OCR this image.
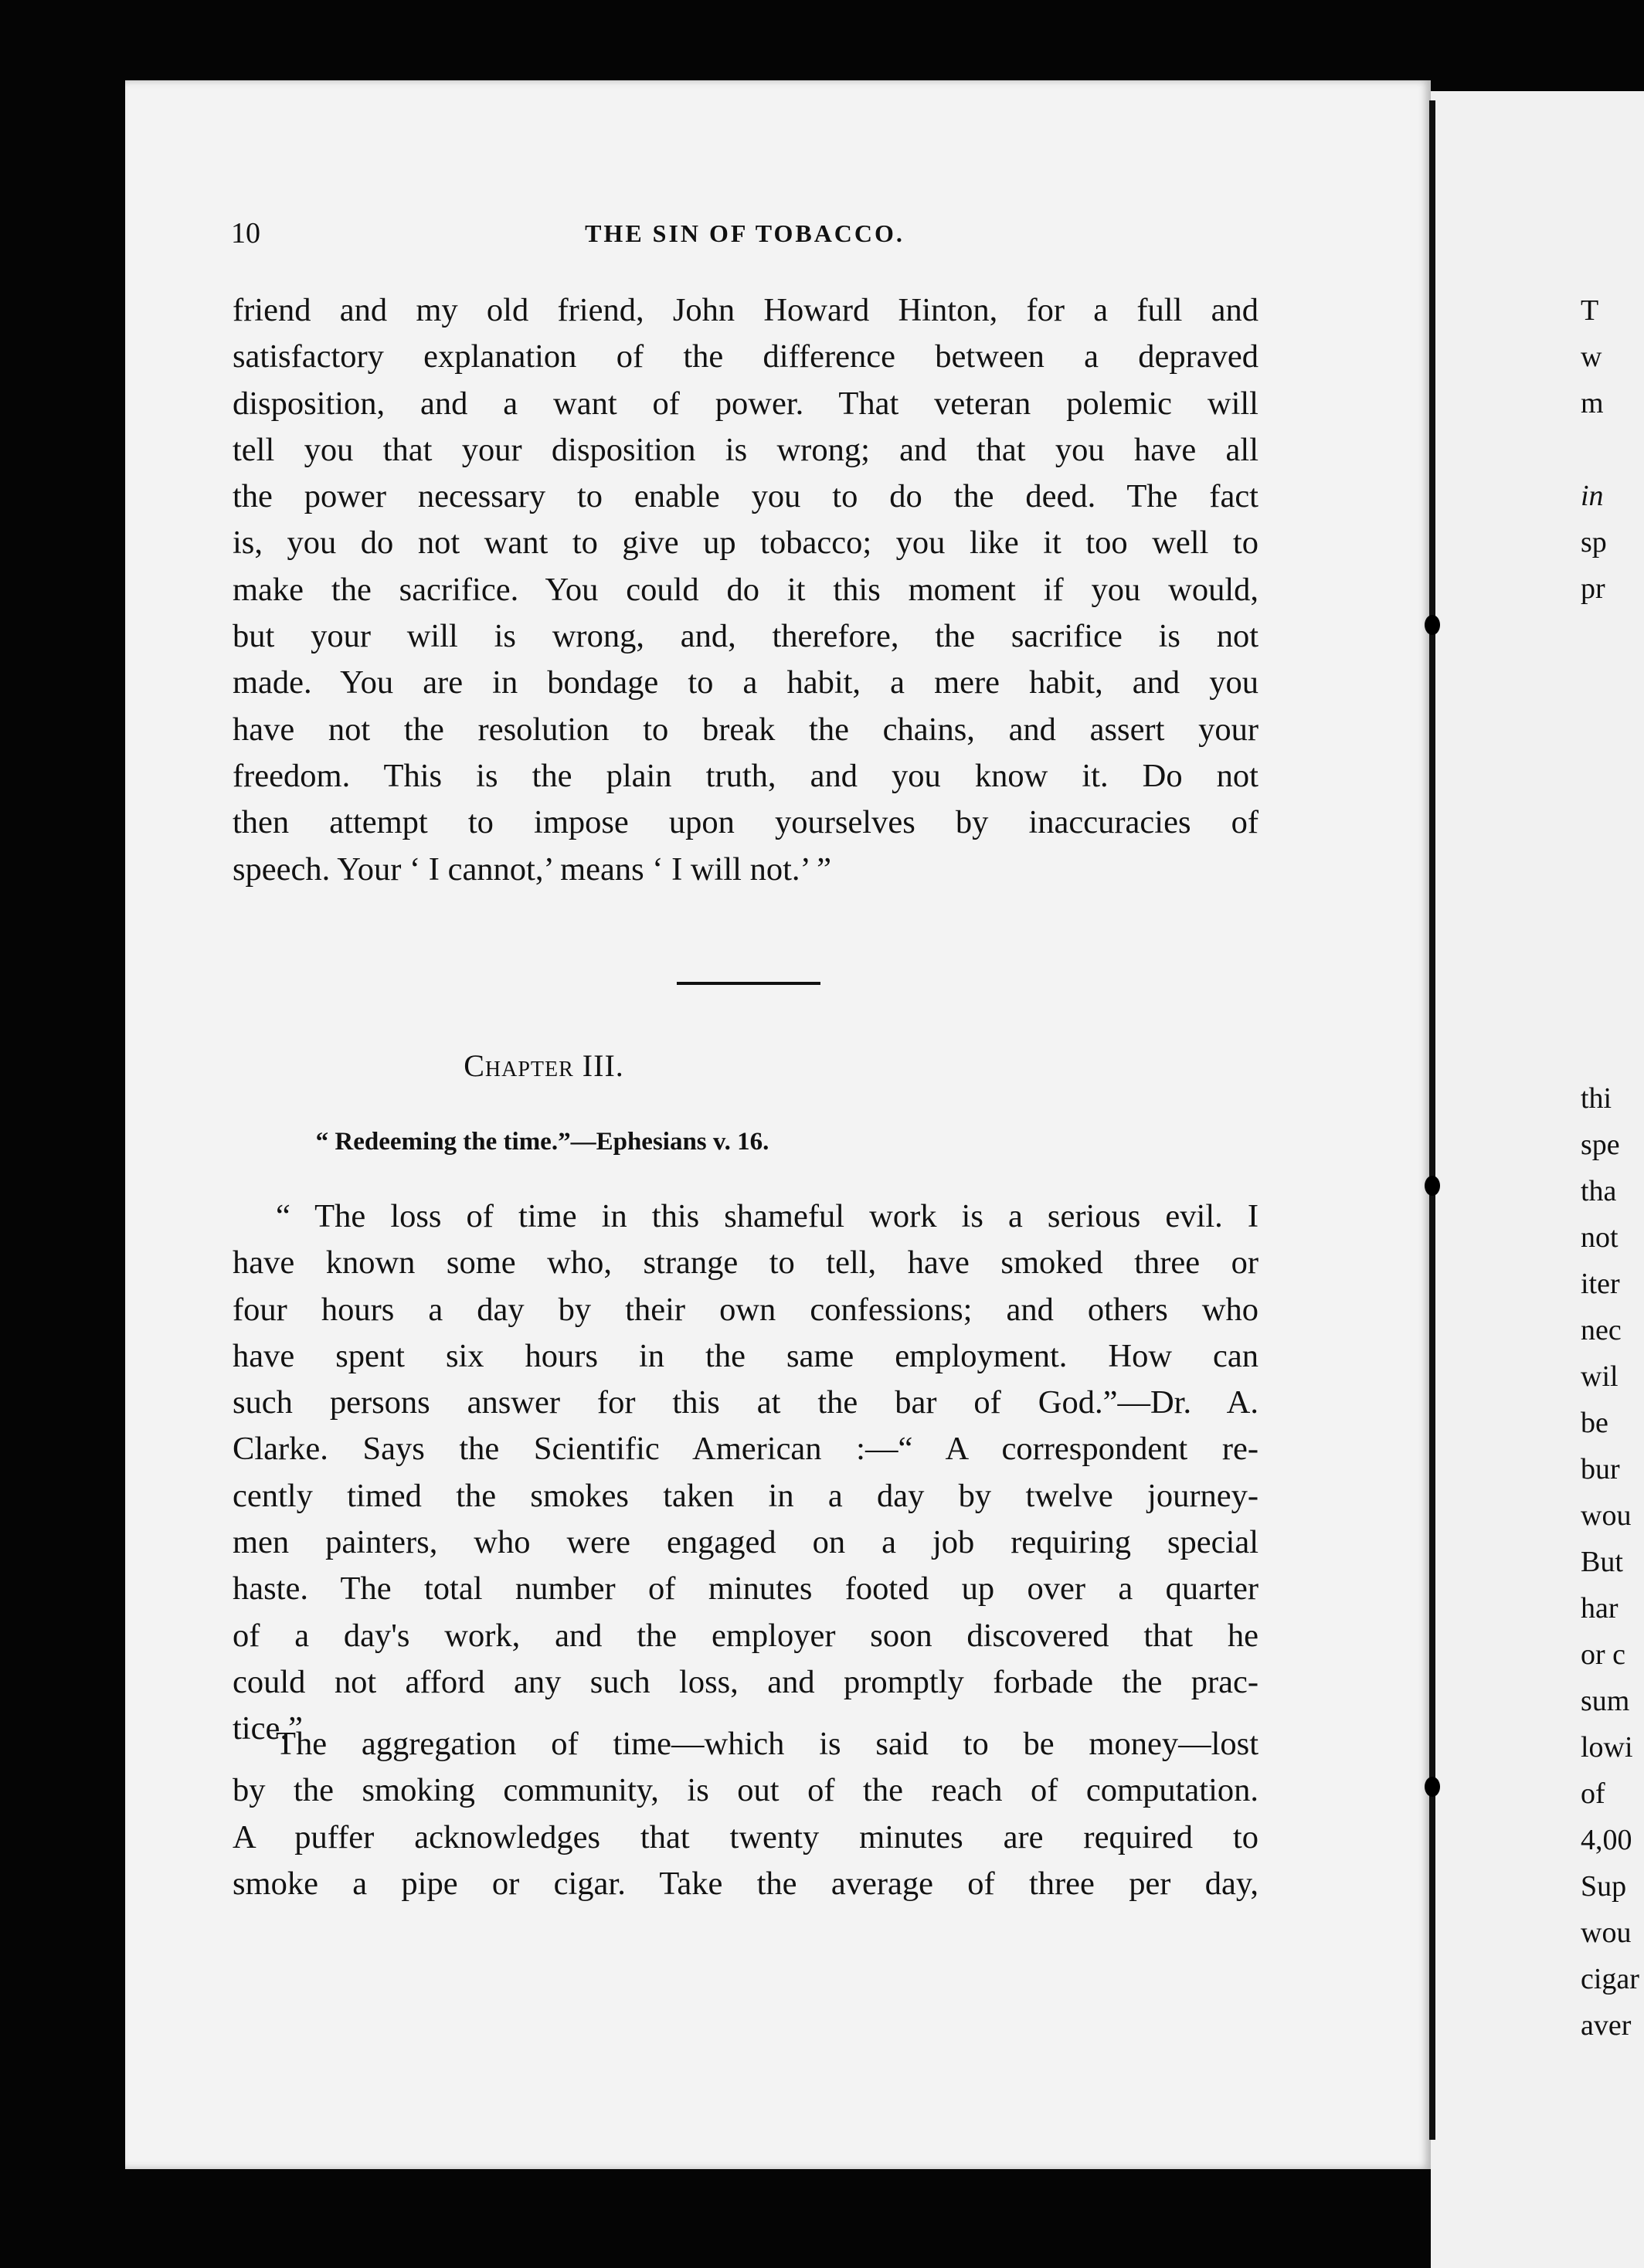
10	THE SIN OF TOBACCO.
friend and my old friend, John Howard Hinton, for a full and
satisfactory explanation of the difference between a depraved
disposition, and a want of power. That veteran polemic will
tell you that your disposition is wrong; and that you have all
the power necessary to enable you to do the deed. The fact
is, you do not want to give up tobacco; you like it too well to
make the sacrifice. You could do it this moment if you would,
but your will is wrong, and, therefore, the sacrifice is not
made. You are in bondage to a habit, a mere habit, and you
have not the resolution to break the chains, and assert your
freedom. This is the plain truth, and you know it. Do not
then attempt to impose upon yourselves by inaccuracies of
speech. Your ‘ I cannot,’ means ‘ I will not.’ ”
Chapter III.
“ Redeeming the time.”—Ephesians v. 16.
“ The loss of time in this shameful work is a serious evil. I
have known some who, strange to tell, have smoked three or
four hours a day by their own confessions; and others who
have spent six hours in the same employment. How can
such persons answer for this at the bar of God.”—Dr. A.
Clarke. Says the Scientific American :—“ A correspondent re-
cently timed the smokes taken in a day by twelve journey-
men painters, who were engaged on a job requiring special
haste. The total number of minutes footed up over a quarter
of a day's work, and the employer soon discovered that he
could not afford any such loss, and promptly forbade the prac-
tice.”
The aggregation of time—which is said to be money—lost
by the smoking community, is out of the reach of computation.
A puffer acknowledges that twenty minutes are required to
smoke a pipe or cigar. Take the average of three per day,
T
w
m
in
sp
pr
thi
spe
tha
not
iter
nec
wil
be
bur
wou
But
har
or c
sum
lowi
of
4,00
Sup
wou
cigar
aver
